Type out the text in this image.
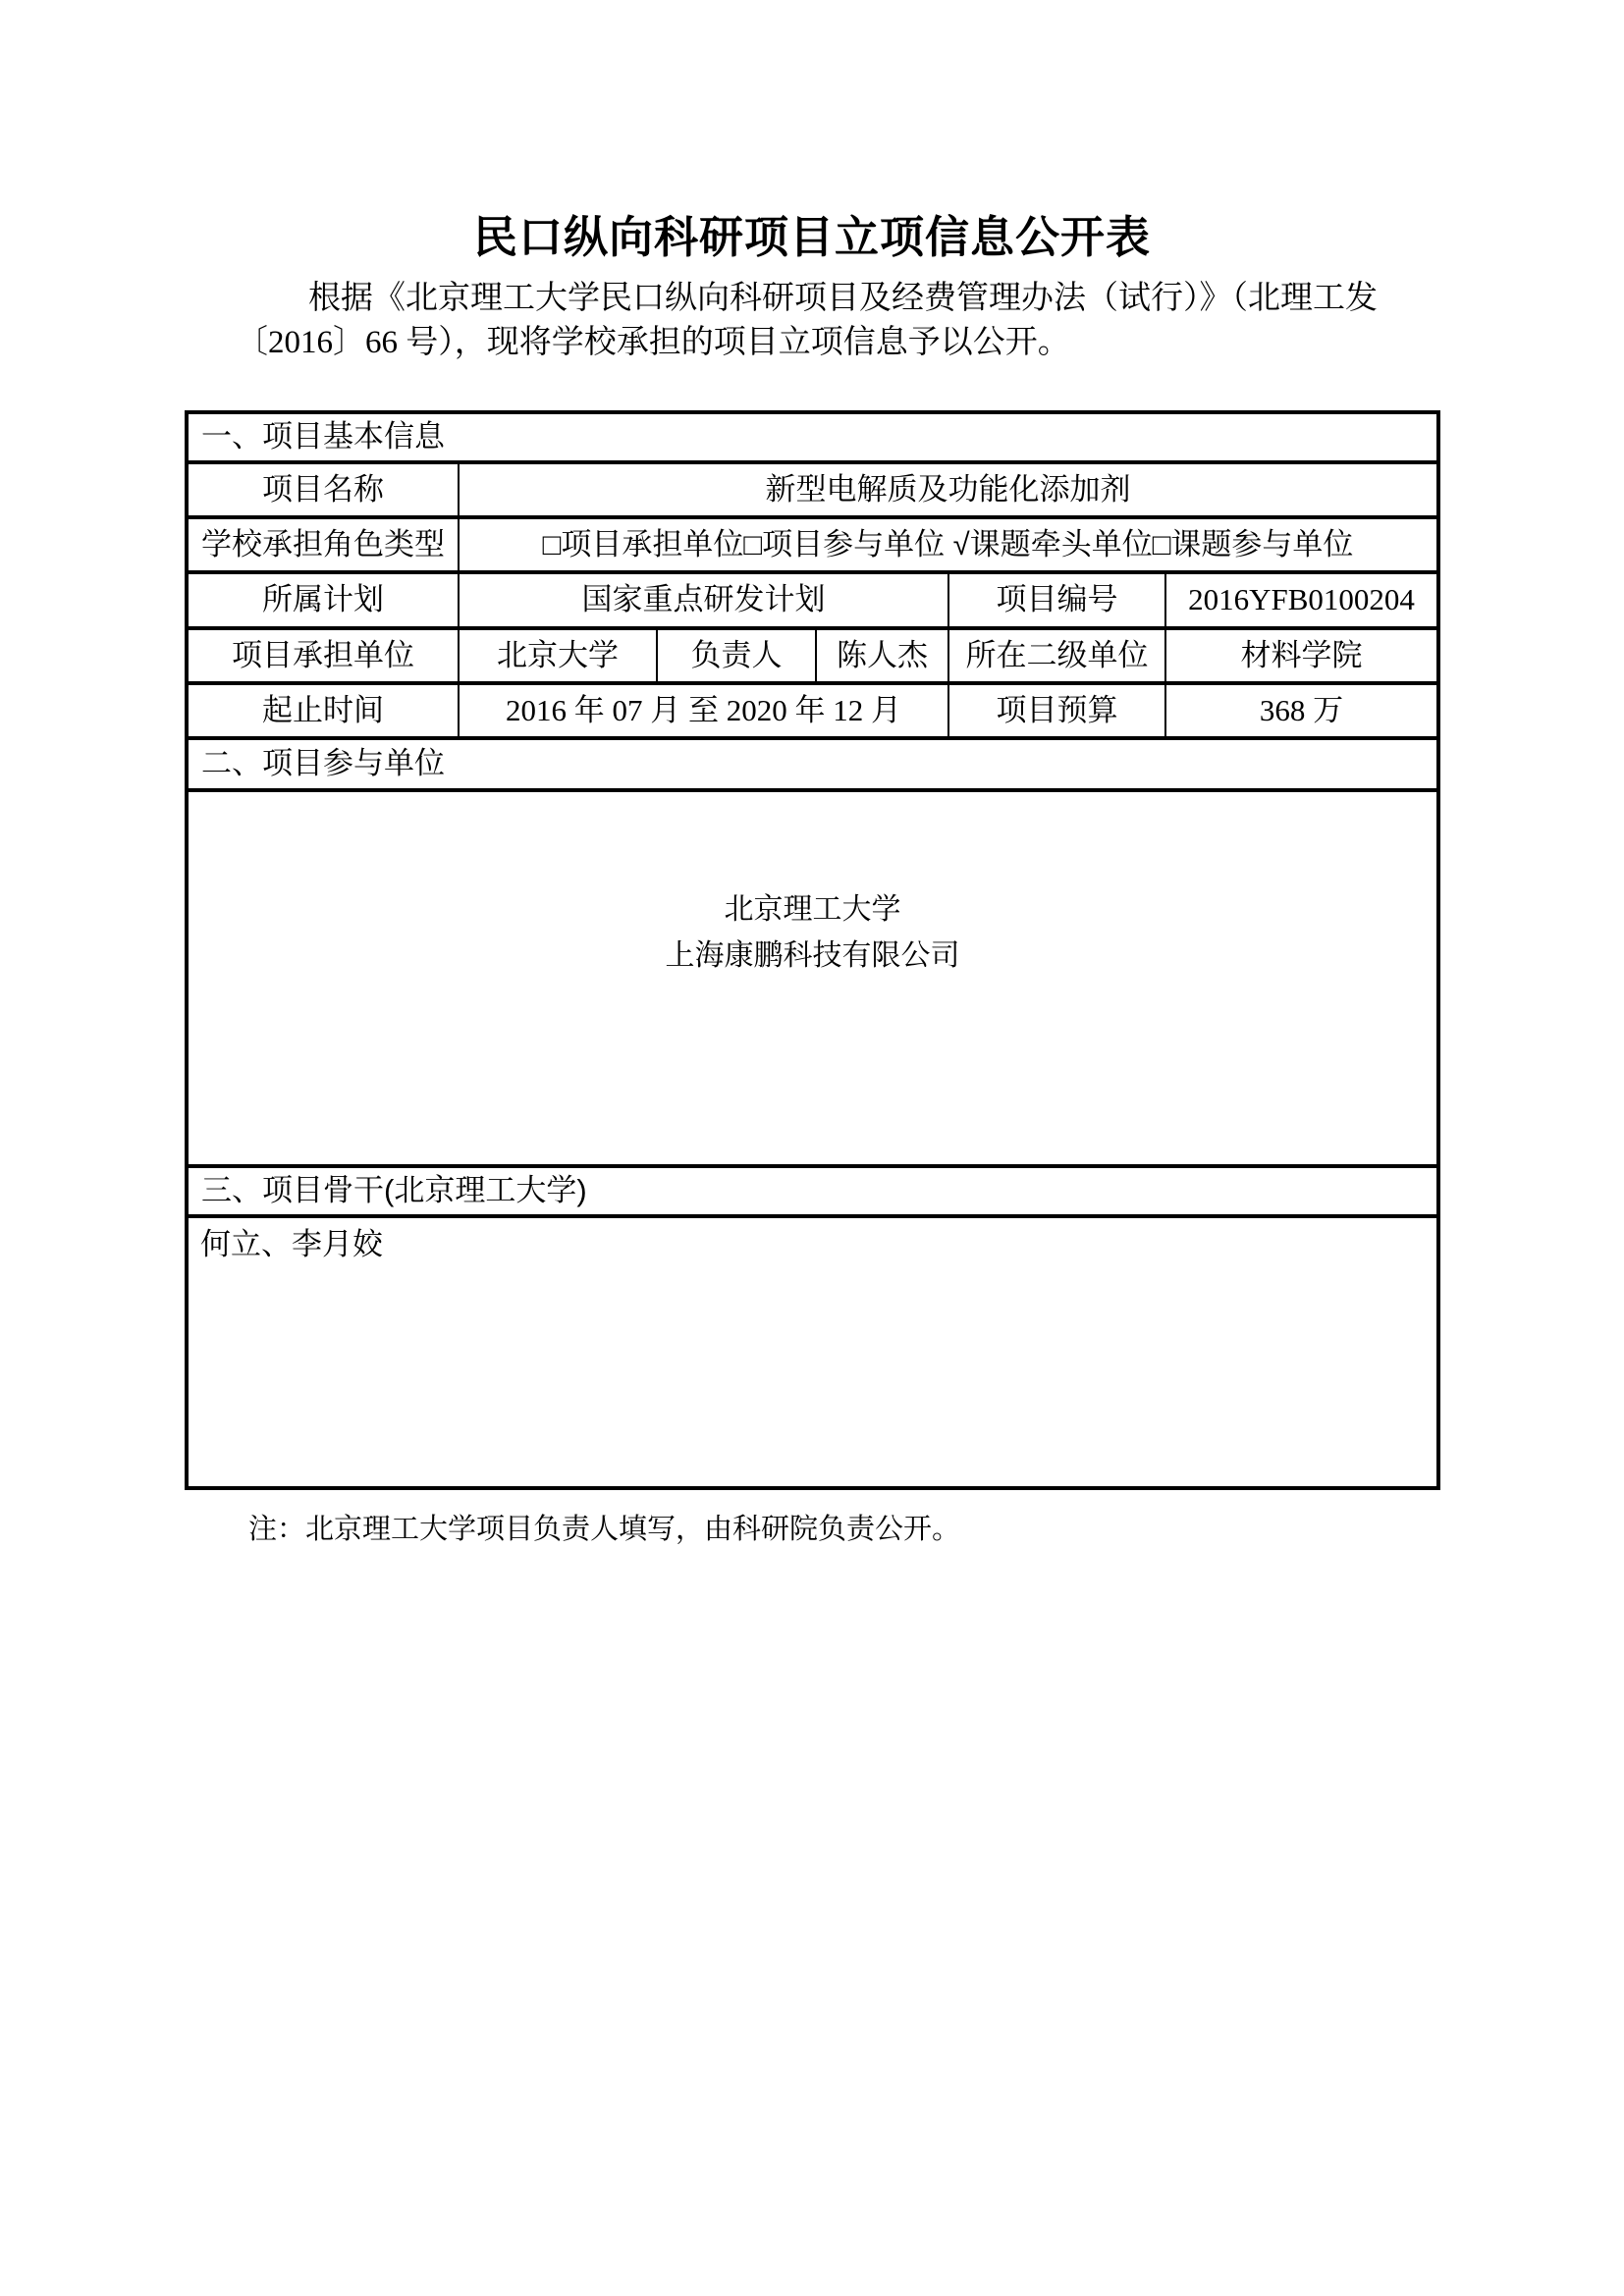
民口纵向科研项目立项信息公开表
根据《北京理工大学民口纵向科研项目及经费管理办法（试行）》（北理工发
〔2016〕66 号），现将学校承担的项目立项信息予以公开。
一、项目基本信息					
项目名称	新型电解质及功能化添加剂				
学校承担角色类型	□项目承担单位□项目参与单位 √课题牵头单位□课题参与单位				
所属计划	国家重点研发计划			项目编号	2016YFB0100204
项目承担单位	北京大学	负责人	陈人杰	所在二级单位	材料学院
起止时间	2016 年 07 月 至 2020 年 12 月			项目预算	368 万
二、项目参与单位					

北京理工大学
上海康鹏科技有限公司					

三、项目骨干(北京理工大学)					
何立、李月姣					
注：北京理工大学项目负责人填写，由科研院负责公开。
